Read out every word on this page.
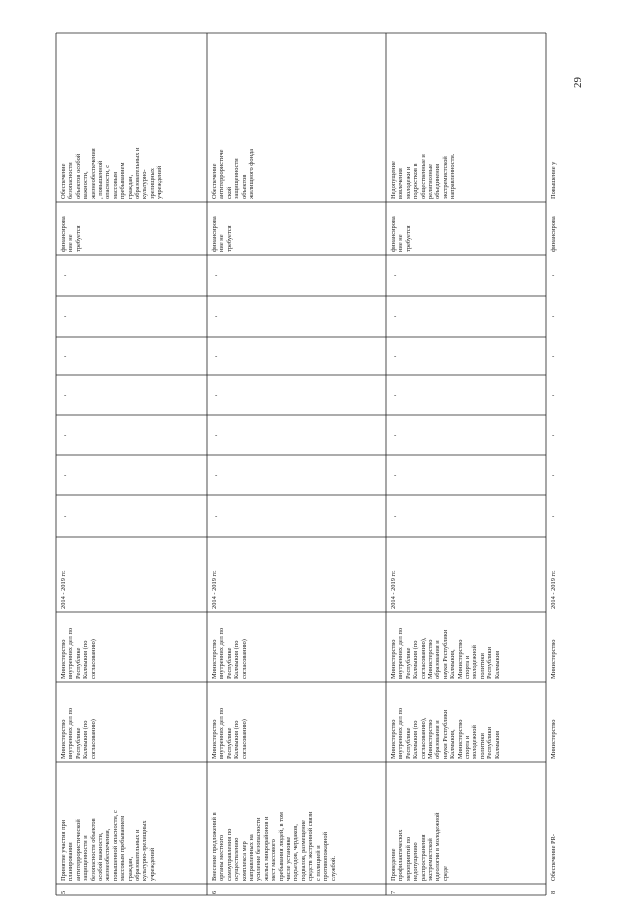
5
Принятие участия при
планировании
антитеррористической
защищенности и
безопасности объектов
особой важности,
жизнеобеспечения,
повышенной опасности, с
массовым пребыванием
граждан,
образовательных и
культурно-зрелищных
учреждений
Министерство
внутренних дел по
Республике
Калмыкия (по
согласованию)
Министерство
внутренних дел по
Республике
Калмыкия (по
согласованию)
2014 - 2019 гг.
-
-
-
-
-
-
-
финансирова
ние не
требуется
Обеспечение
безопасности
объектов особой
важности,
жизнеобеспечения
, повышенной
опасности, с
массовым
пребыванием
граждан,
образовательных и
культурно-
зрелищных
учреждений
6
Внесение предложений в
органы местного
самоуправления по
осуществлению
комплекса мер
направленных на
усиление безопасности
жилых микрорайонов и
мест массового
пребывания людей, в том
числе установке
подъездов, чердаков,
подвалов, размещение
средств экстренной связи
с полицией и
противопожарной
службой.
Министерство
внутренних дел по
Республике
Калмыкия (по
согласованию)
Министерство
внутренних дел по
Республике
Калмыкия (по
согласованию)
2014 - 2019 гг.
-
-
-
-
-
-
-
финансирова
ние не
требуется
Обеспечение
антитеррористиче
ской
защищенности
объектов
жилищного фонда
7
Проведение
профилактических
мероприятий по
недопущению
распространения
экстремистской
идеологии в молодежной
среде
Министерство
внутренних дел по
Республике
Калмыкия (по
согласованию),
Министерство
образования и
науки Республики
Калмыкия,
Министерство
спорта и
молодежной
политики
Республики
Калмыкия
Министерство
внутренних дел по
Республике
Калмыкия (по
согласованию),
Министерство
образования и
науки Республики
Калмыкия,
Министерство
спорта и
молодежной
политики
Республики
Калмыкия
2014 - 2019 гг.
-
-
-
-
-
-
-
финансирова
ние не
требуется
Недопущение
вовлечения
молодежи и
подростков в
общественные и
религиозные
объединения
экстремистской
направленности.
8
Обеспечение PR-
Министерство
Министерство
2014 - 2019 гг.
-
-
-
-
-
-
-
финансирова
Повышение у
29
